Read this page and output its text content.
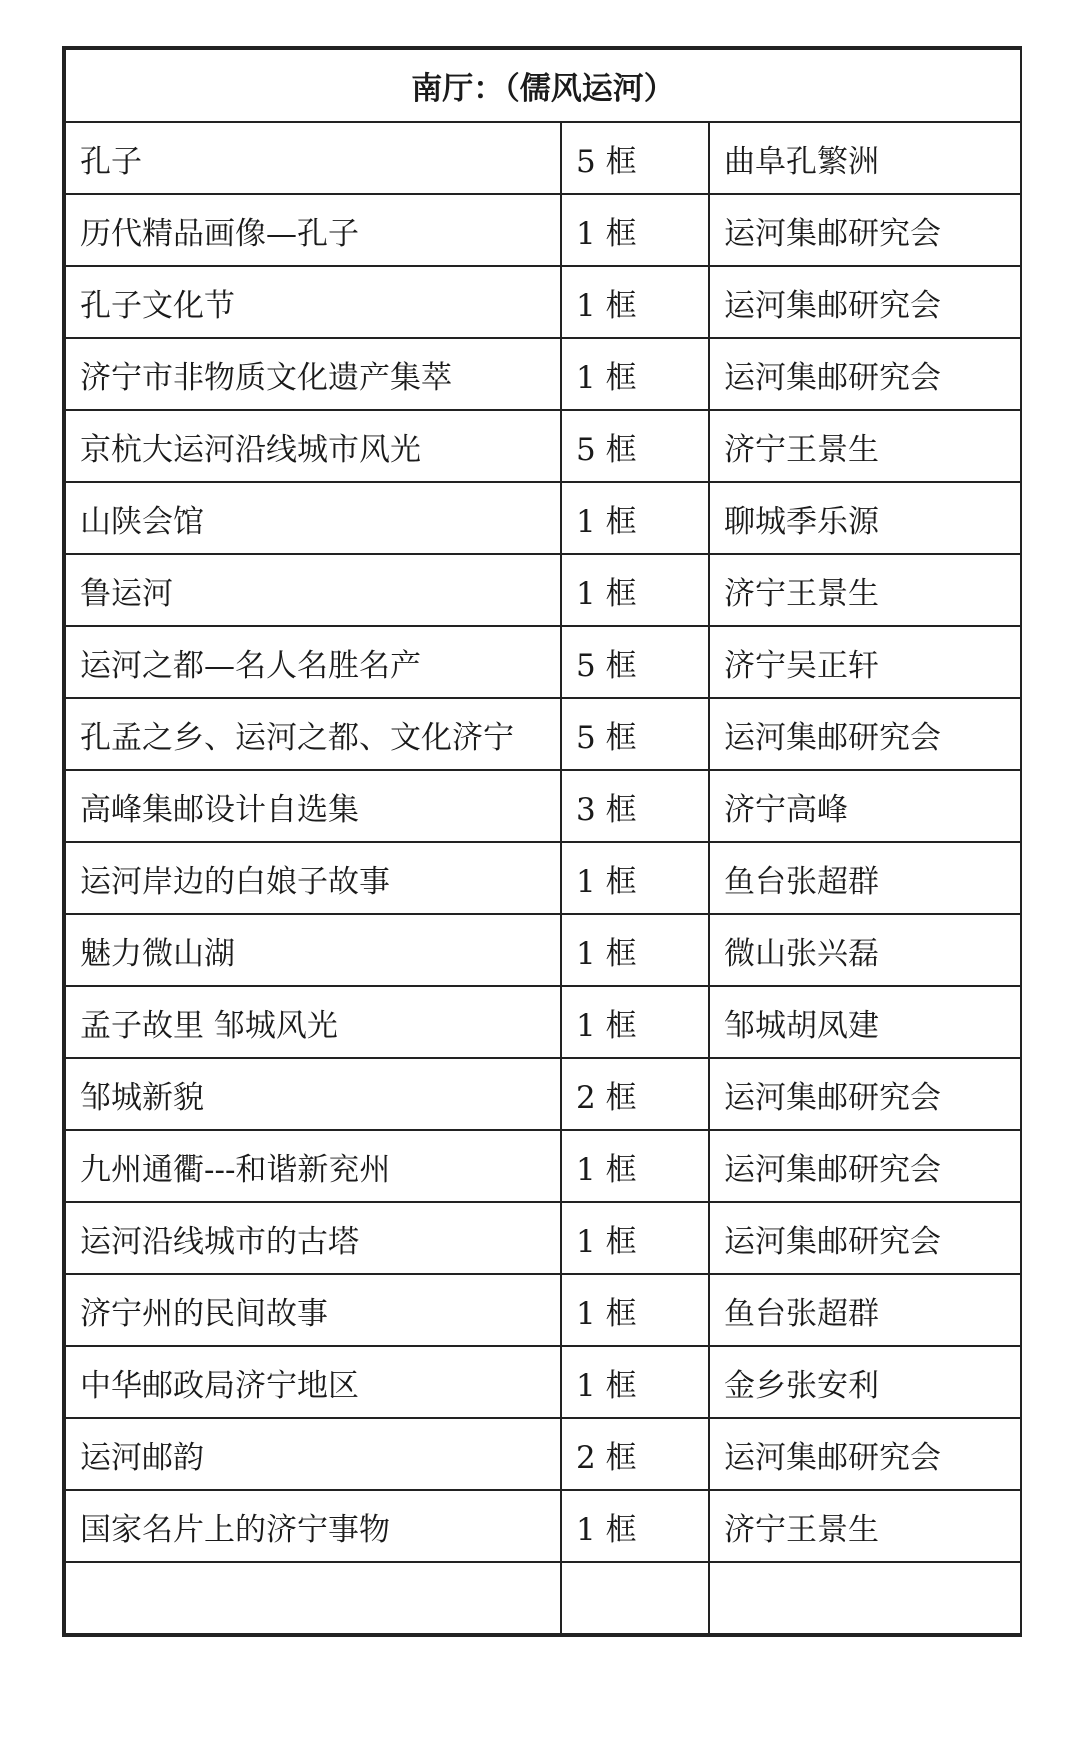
南厅：（儒风运河）		
孔子	5 框	曲阜孔繁洲
历代精品画像—孔子	1 框	运河集邮研究会
孔子文化节	1 框	运河集邮研究会
济宁市非物质文化遗产集萃	1 框	运河集邮研究会
京杭大运河沿线城市风光	5 框	济宁王景生
山陕会馆	1 框	聊城季乐源
鲁运河	1 框	济宁王景生
运河之都—名人名胜名产	5 框	济宁吴正轩
孔孟之乡、运河之都、文化济宁	5 框	运河集邮研究会
高峰集邮设计自选集	3 框	济宁高峰
运河岸边的白娘子故事	1 框	鱼台张超群
魅力微山湖	1 框	微山张兴磊
孟子故里 邹城风光	1 框	邹城胡凤建
邹城新貌	2 框	运河集邮研究会
九州通衢---和谐新兖州	1 框	运河集邮研究会
运河沿线城市的古塔	1 框	运河集邮研究会
济宁州的民间故事	1 框	鱼台张超群
中华邮政局济宁地区	1 框	金乡张安利
运河邮韵	2 框	运河集邮研究会
国家名片上的济宁事物	1 框	济宁王景生
